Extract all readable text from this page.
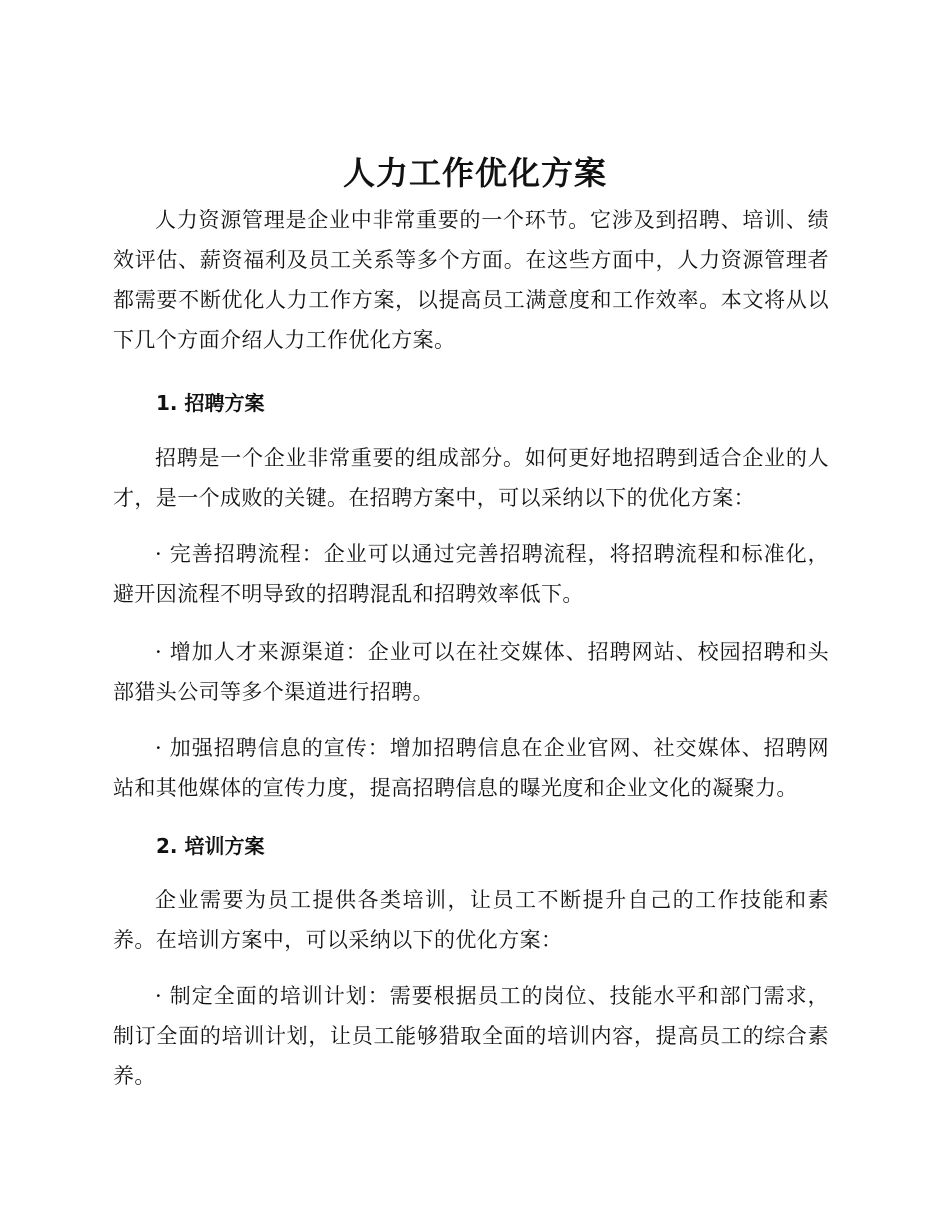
人力工作优化方案

人力资源管理是企业中非常重要的一个环节。它涉及到招聘、培训、绩效评估、薪资福利及员工关系等多个方面。在这些方面中，人力资源管理者都需要不断优化人力工作方案，以提高员工满意度和工作效率。本文将从以下几个方面介绍人力工作优化方案。

1. 招聘方案

招聘是一个企业非常重要的组成部分。如何更好地招聘到适合企业的人才，是一个成败的关键。在招聘方案中，可以采纳以下的优化方案：

· 完善招聘流程：企业可以通过完善招聘流程，将招聘流程和标准化，避开因流程不明导致的招聘混乱和招聘效率低下。

· 增加人才来源渠道：企业可以在社交媒体、招聘网站、校园招聘和头部猎头公司等多个渠道进行招聘。

· 加强招聘信息的宣传：增加招聘信息在企业官网、社交媒体、招聘网站和其他媒体的宣传力度，提高招聘信息的曝光度和企业文化的凝聚力。

2. 培训方案

企业需要为员工提供各类培训，让员工不断提升自己的工作技能和素养。在培训方案中，可以采纳以下的优化方案：

· 制定全面的培训计划：需要根据员工的岗位、技能水平和部门需求，制订全面的培训计划，让员工能够猎取全面的培训内容，提高员工的综合素养。
